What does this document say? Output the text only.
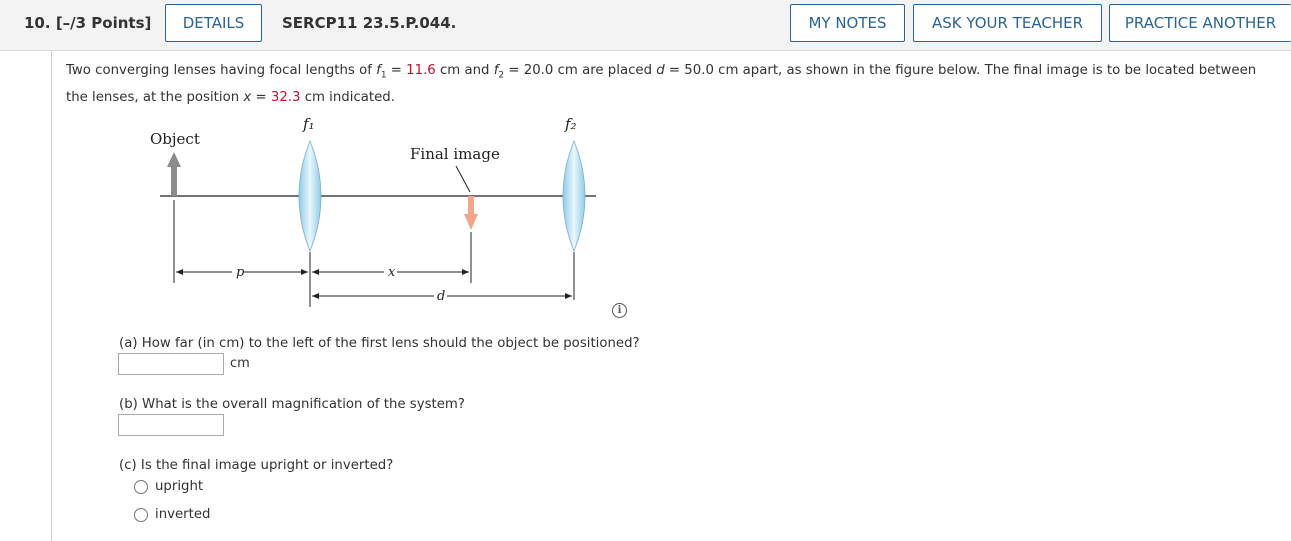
10. [–/3 Points]	DETAILS	SERCP11 23.5.P.044.	MY NOTES	ASK YOUR TEACHER	PRACTICE ANOTHER
Two converging lenses having focal lengths of $f_1 = 11.6$ cm and $f_2 = 20.0$ cm are placed d = 50.0 cm apart, as shown in the figure below. The final image is to be located between the lenses, at the position x = 32.3 cm indicated.
Object
Final image
f₁	f₂
p	x
d
i
(a) How far (in cm) to the left of the first lens should the object be positioned?
cm
(b) What is the overall magnification of the system?
(c) Is the final image upright or inverted?
upright
inverted
